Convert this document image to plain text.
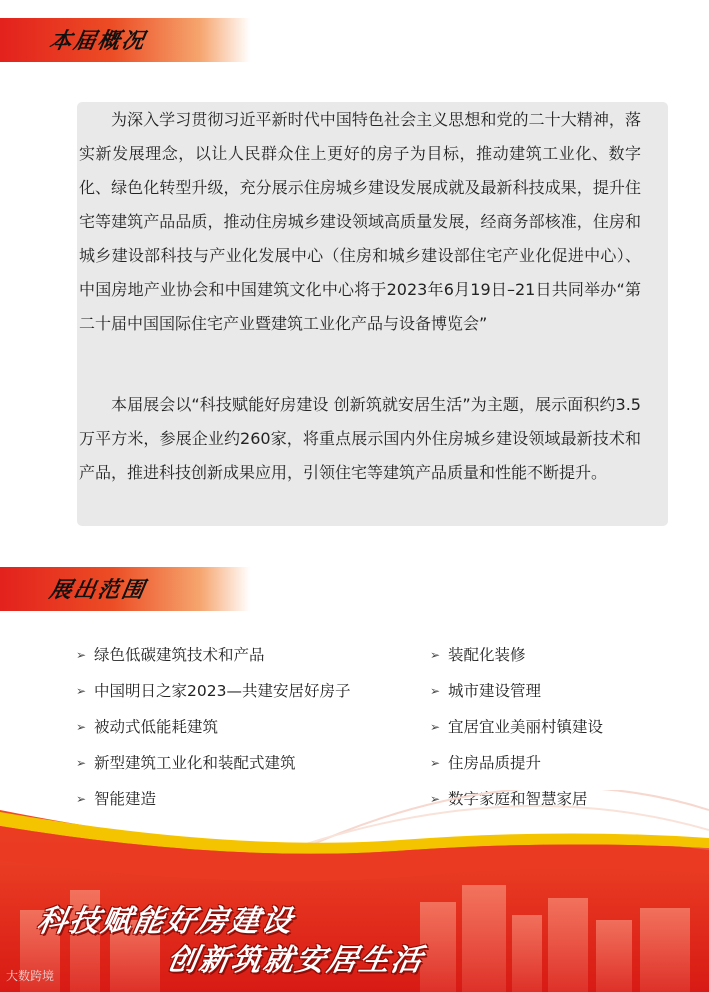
本届概况

为深入学习贯彻习近平新时代中国特色社会主义思想和党的二十大精神，落实新发展理念，以让人民群众住上更好的房子为目标，推动建筑工业化、数字化、绿色化转型升级，充分展示住房城乡建设发展成就及最新科技成果，提升住宅等建筑产品品质，推动住房城乡建设领域高质量发展，经商务部核准，住房和城乡建设部科技与产业化发展中心（住房和城乡建设部住宅产业化促进中心）、中国房地产业协会和中国建筑文化中心将于2023年6月19日–21日共同举办“第二十届中国国际住宅产业暨建筑工业化产品与设备博览会”

本届展会以“科技赋能好房建设 创新筑就安居生活”为主题，展示面积约3.5万平方米，参展企业约260家，将重点展示国内外住房城乡建设领域最新技术和产品，推进科技创新成果应用，引领住宅等建筑产品质量和性能不断提升。

展出范围
➢ 绿色低碳建筑技术和产品
➢ 中国明日之家2023—共建安居好房子
➢ 被动式低能耗建筑
➢ 新型建筑工业化和装配式建筑
➢ 智能建造
➢ 装配化装修
➢ 城市建设管理
➢ 宜居宜业美丽村镇建设
➢ 住房品质提升
➢ 数字家庭和智慧家居
科技赋能好房建设
创新筑就安居生活
大数跨境
